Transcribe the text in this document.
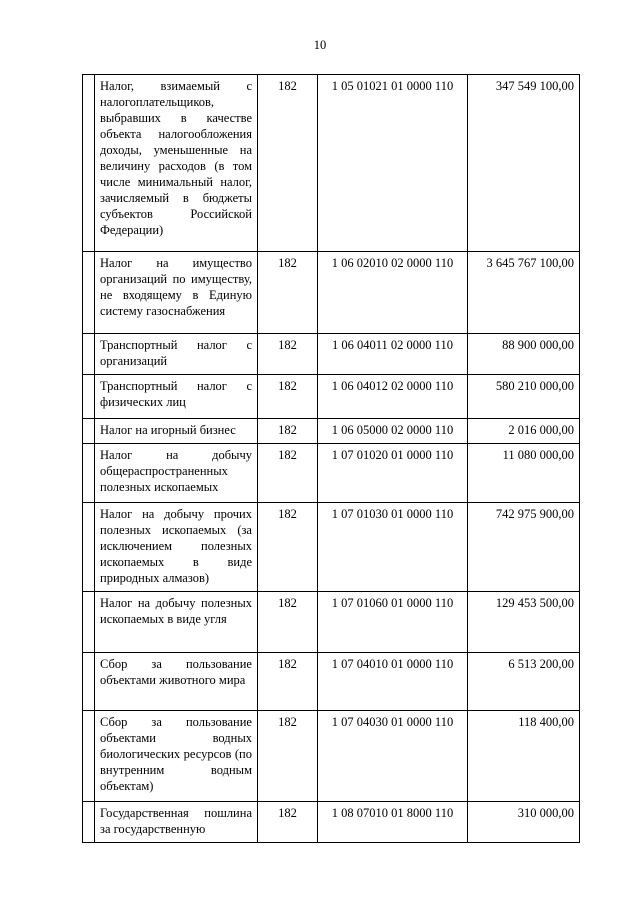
10
	Налог, взимаемый с налогоплательщиков, выбравших в качестве объекта налогообложения доходы, уменьшенные на величину расходов (в том числе минимальный налог, зачисляемый в бюджеты субъектов Российской Федерации)	182	1 05 01021 01 0000 110	347 549 100,00
	Налог на имущество организаций по имуществу, не входящему в Единую систему газоснабжения	182	1 06 02010 02 0000 110	3 645 767 100,00
	Транспортный налог с организаций	182	1 06 04011 02 0000 110	88 900 000,00
	Транспортный налог с физических лиц	182	1 06 04012 02 0000 110	580 210 000,00
	Налог на игорный бизнес	182	1 06 05000 02 0000 110	2 016 000,00
	Налог на добычу общераспространенных полезных ископаемых	182	1 07 01020 01 0000 110	11 080 000,00
	Налог на добычу прочих полезных ископаемых (за исключением полезных ископаемых в виде природных алмазов)	182	1 07 01030 01 0000 110	742 975 900,00
	Налог на добычу полезных ископаемых в виде угля	182	1 07 01060 01 0000 110	129 453 500,00
	Сбор за пользование объектами животного мира	182	1 07 04010 01 0000 110	6 513 200,00
	Сбор за пользование объектами водных биологических ресурсов (по внутренним водным объектам)	182	1 07 04030 01 0000 110	118 400,00

	Государственная пошлина за государственную	182	1 08 07010 01 8000 110	310 000,00
